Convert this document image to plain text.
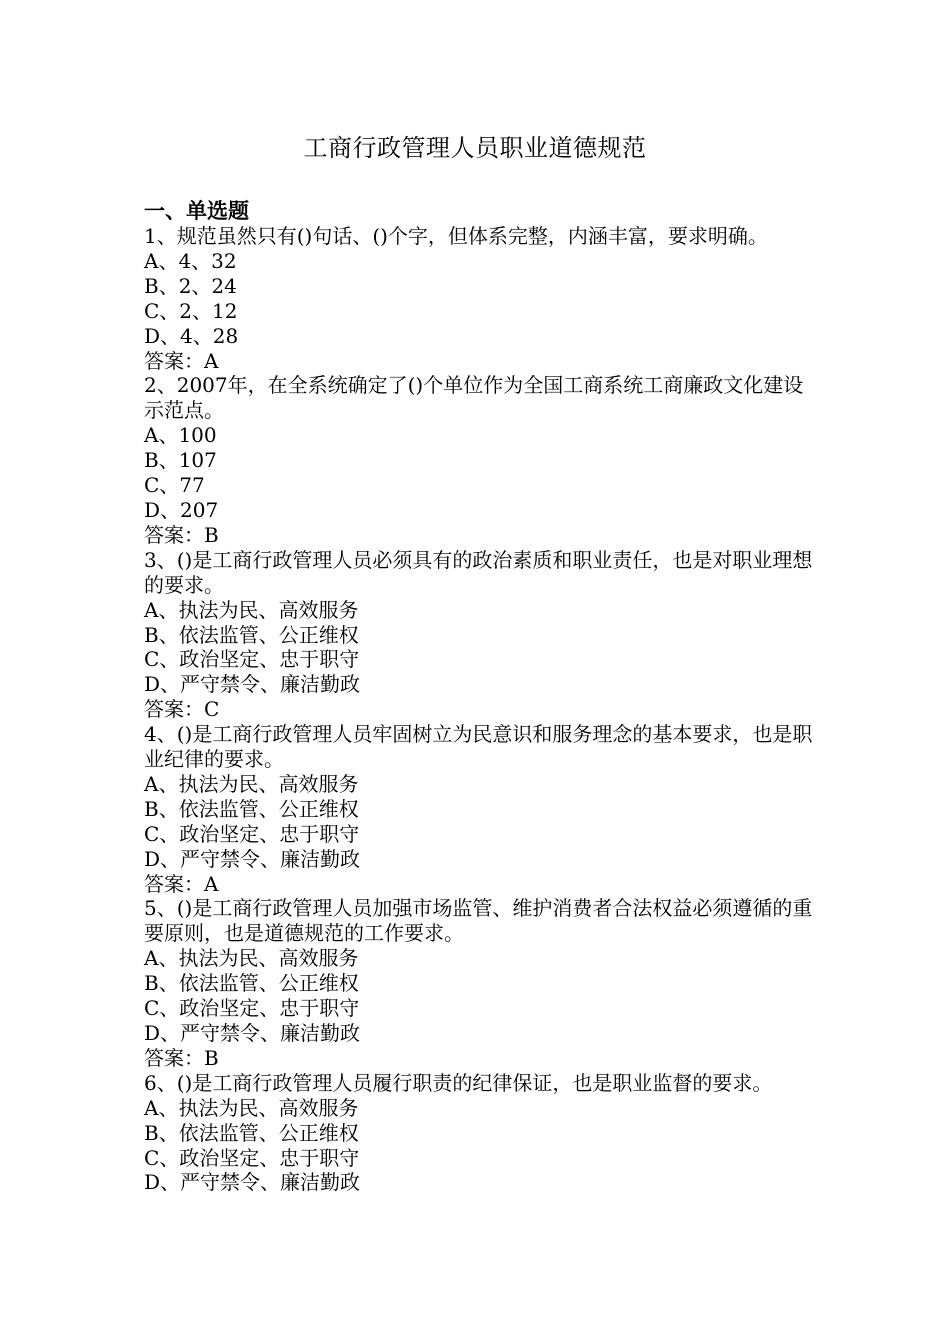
工商行政管理人员职业道德规范

一、单选题

1、规范虽然只有()句话、()个字，但体系完整，内涵丰富，要求明确。

A、4、32

B、2、24

C、2、12

D、4、28

答案：A

2、2007年，在全系统确定了()个单位作为全国工商系统工商廉政文化建设示范点。

A、100

B、107

C、77

D、207

答案：B

3、()是工商行政管理人员必须具有的政治素质和职业责任，也是对职业理想的要求。

A、执法为民、高效服务

B、依法监管、公正维权

C、政治坚定、忠于职守

D、严守禁令、廉洁勤政

答案：C

4、()是工商行政管理人员牢固树立为民意识和服务理念的基本要求，也是职业纪律的要求。

A、执法为民、高效服务

B、依法监管、公正维权

C、政治坚定、忠于职守

D、严守禁令、廉洁勤政

答案：A

5、()是工商行政管理人员加强市场监管、维护消费者合法权益必须遵循的重要原则，也是道德规范的工作要求。

A、执法为民、高效服务

B、依法监管、公正维权

C、政治坚定、忠于职守

D、严守禁令、廉洁勤政

答案：B

6、()是工商行政管理人员履行职责的纪律保证，也是职业监督的要求。

A、执法为民、高效服务

B、依法监管、公正维权

C、政治坚定、忠于职守

D、严守禁令、廉洁勤政
